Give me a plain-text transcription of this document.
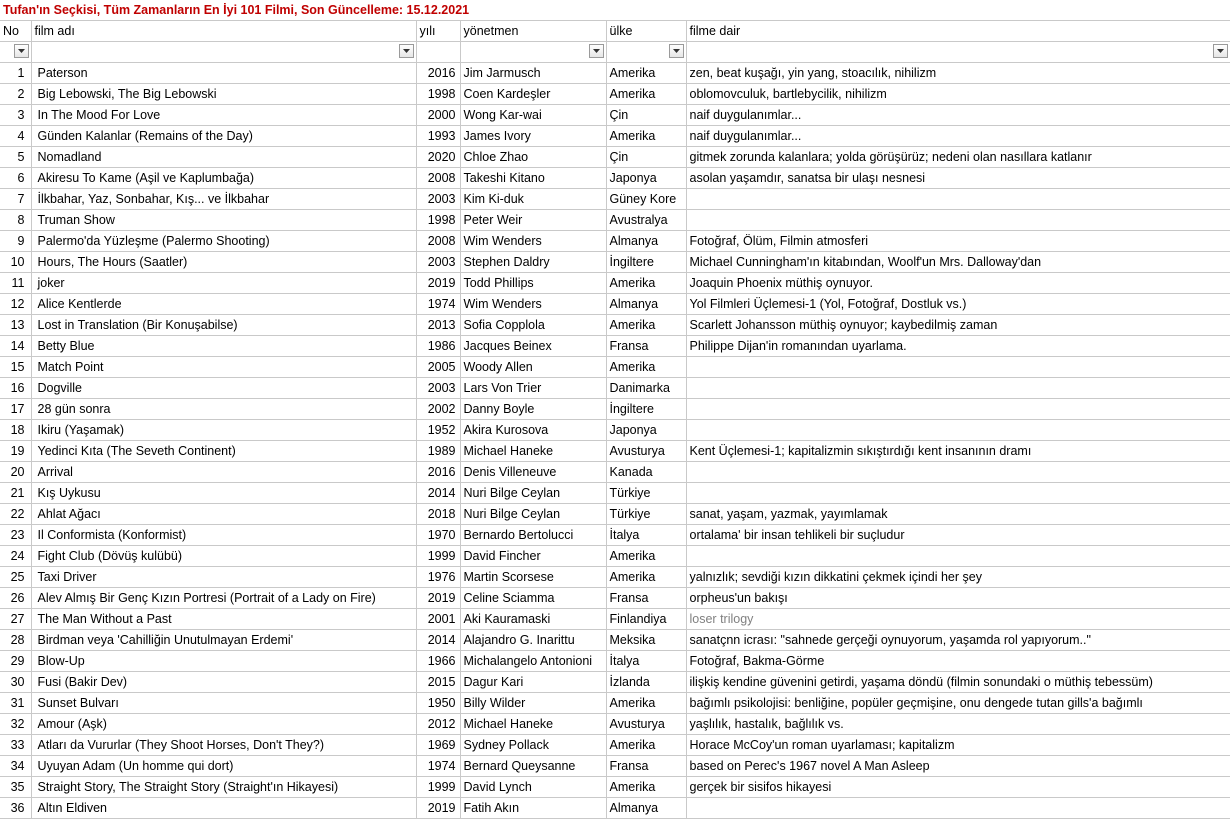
Tufan'ın Seçkisi, Tüm Zamanların En İyi 101 Filmi, Son Güncelleme: 15.12.2021					
No	film adı	yılı	yönetmen	ülke	filme dair

1	Paterson	2016	Jim Jarmusch	Amerika	zen, beat kuşağı, yin yang, stoacılık, nihilizm
2	Big Lebowski, The Big Lebowski	1998	Coen Kardeşler	Amerika	oblomovculuk, bartlebycilik, nihilizm
3	In The Mood For Love	2000	Wong Kar-wai	Çin	naif duygulanımlar...
4	Günden Kalanlar (Remains of the Day)	1993	James Ivory	Amerika	naif duygulanımlar...
5	Nomadland	2020	Chloe Zhao	Çin	gitmek zorunda kalanlara; yolda görüşürüz; nedeni olan nasıllara katlanır
6	Akiresu To Kame (Aşil ve Kaplumbağa)	2008	Takeshi Kitano	Japonya	asolan yaşamdır, sanatsa bir ulaşı nesnesi
7	İlkbahar, Yaz, Sonbahar, Kış... ve İlkbahar	2003	Kim Ki-duk	Güney Kore	
8	Truman Show	1998	Peter Weir	Avustralya	
9	Palermo'da Yüzleşme (Palermo Shooting)	2008	Wim Wenders	Almanya	Fotoğraf, Ölüm, Filmin atmosferi
10	Hours, The Hours (Saatler)	2003	Stephen Daldry	İngiltere	Michael Cunningham'ın kitabından, Woolf'un Mrs. Dalloway'dan
11	joker	2019	Todd Phillips	Amerika	Joaquin Phoenix müthiş oynuyor.
12	Alice Kentlerde	1974	Wim Wenders	Almanya	Yol Filmleri Üçlemesi-1 (Yol, Fotoğraf, Dostluk vs.)
13	Lost in Translation (Bir Konuşabilse)	2013	Sofia Copplola	Amerika	Scarlett Johansson müthiş oynuyor; kaybedilmiş zaman
14	Betty Blue	1986	Jacques Beinex	Fransa	Philippe Dijan'in romanından uyarlama.
15	Match Point	2005	Woody Allen	Amerika	
16	Dogville	2003	Lars Von Trier	Danimarka	
17	28 gün sonra	2002	Danny Boyle	İngiltere	
18	Ikiru (Yaşamak)	1952	Akira Kurosova	Japonya	
19	Yedinci Kıta (The Seveth Continent)	1989	Michael Haneke	Avusturya	Kent Üçlemesi-1; kapitalizmin sıkıştırdığı kent insanının dramı
20	Arrival	2016	Denis Villeneuve	Kanada	
21	Kış Uykusu	2014	Nuri Bilge Ceylan	Türkiye	
22	Ahlat Ağacı	2018	Nuri Bilge Ceylan	Türkiye	sanat, yaşam, yazmak, yayımlamak
23	Il Conformista (Konformist)	1970	Bernardo Bertolucci	İtalya	ortalama' bir insan tehlikeli bir suçludur
24	Fight Club (Dövüş kulübü)	1999	David Fincher	Amerika	
25	Taxi Driver	1976	Martin Scorsese	Amerika	yalnızlık; sevdiği kızın dikkatini çekmek içindi her şey
26	Alev Almış Bir Genç Kızın Portresi (Portrait of a Lady on Fire)	2019	Celine Sciamma	Fransa	orpheus'un bakışı
27	The Man Without a Past	2001	Aki Kauramaski	Finlandiya	loser trilogy
28	Birdman veya 'Cahilliğin Unutulmayan Erdemi'	2014	Alajandro G. Inarittu	Meksika	sanatçnn icrası: "sahnede gerçeği oynuyorum, yaşamda rol yapıyorum.."
29	Blow-Up	1966	Michalangelo Antonioni	İtalya	Fotoğraf, Bakma-Görme
30	Fusi (Bakir Dev)	2015	Dagur Kari	İzlanda	ilişkiş kendine güvenini getirdi, yaşama döndü (filmin sonundaki o müthiş tebessüm)
31	Sunset Bulvarı	1950	Billy Wilder	Amerika	bağımlı psikolojisi: benliğine, popüler geçmişine, onu dengede tutan gills'a bağımlı
32	Amour (Aşk)	2012	Michael Haneke	Avusturya	yaşlılık, hastalık, bağlılık vs.
33	Atları da Vururlar (They Shoot Horses, Don't They?)	1969	Sydney Pollack	Amerika	Horace McCoy'un roman uyarlaması; kapitalizm
34	Uyuyan Adam (Un homme qui dort)	1974	Bernard Queysanne	Fransa	based on Perec's 1967 novel A Man Asleep
35	Straight Story, The Straight Story (Straight'ın Hikayesi)	1999	David Lynch	Amerika	gerçek bir sisifos hikayesi
36	Altın Eldiven	2019	Fatih Akın	Almanya	
